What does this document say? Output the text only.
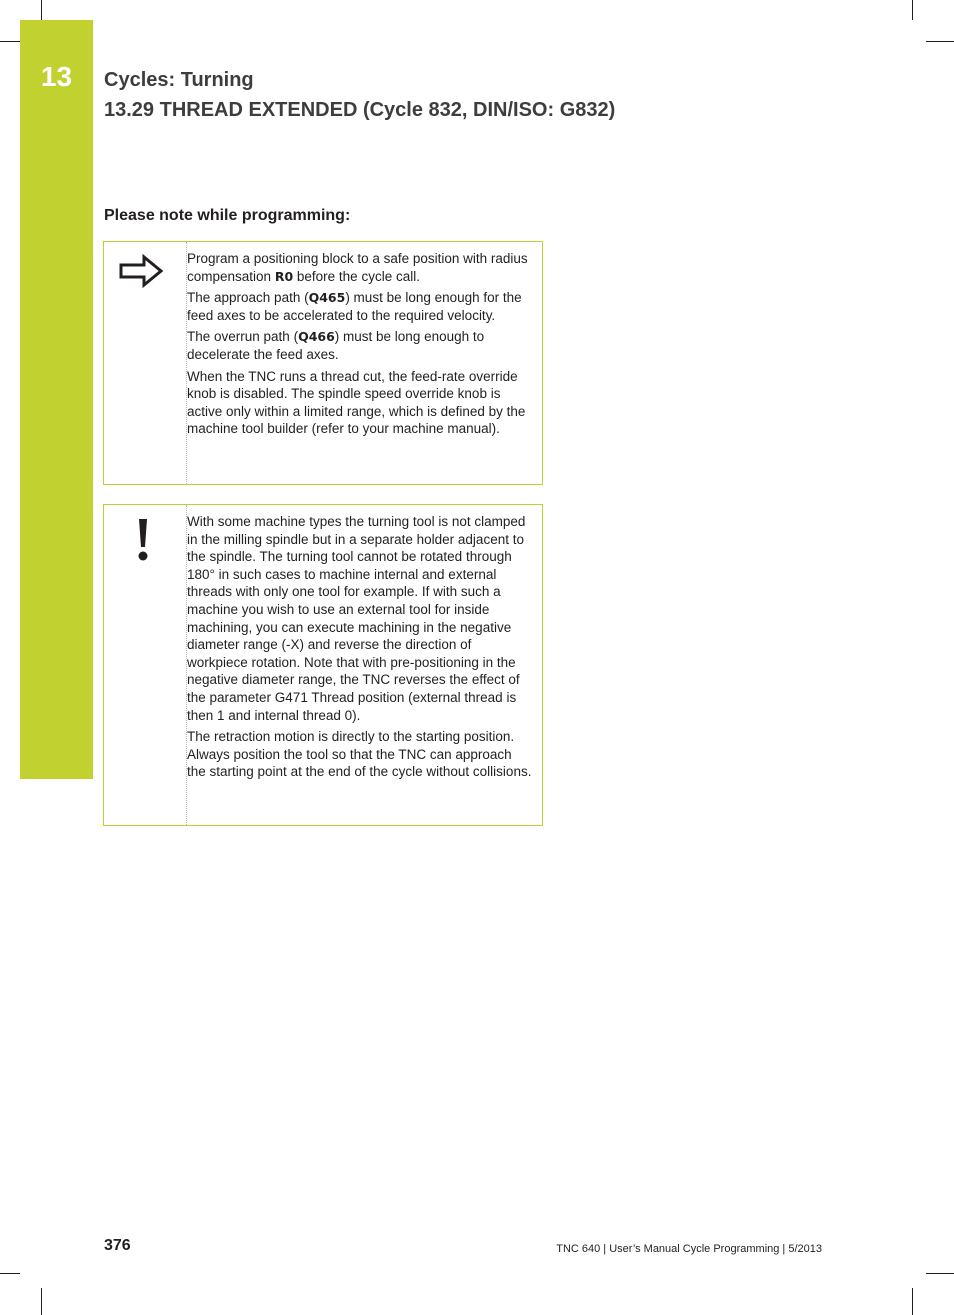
13	Cycles: Turning
13.29 THREAD EXTENDED (Cycle 832, DIN/ISO: G832)
Please note while programming:

Program a positioning block to a safe position with radius compensation R0 before the cycle call.

The approach path (Q465) must be long enough for the feed axes to be accelerated to the required velocity.

The overrun path (Q466) must be long enough to decelerate the feed axes.

When the TNC runs a thread cut, the feed-rate override knob is disabled. The spindle speed override knob is active only within a limited range, which is defined by the machine tool builder (refer to your machine manual).

With some machine types the turning tool is not clamped in the milling spindle but in a separate holder adjacent to the spindle. The turning tool cannot be rotated through 180° in such cases to machine internal and external threads with only one tool for example. If with such a machine you wish to use an external tool for inside machining, you can execute machining in the negative diameter range (-X) and reverse the direction of workpiece rotation. Note that with pre-positioning in the negative diameter range, the TNC reverses the effect of the parameter G471 Thread position (external thread is then 1 and internal thread 0).

The retraction motion is directly to the starting position. Always position the tool so that the TNC can approach the starting point at the end of the cycle without collisions.

376	TNC 640 | User’s Manual Cycle Programming | 5/2013
